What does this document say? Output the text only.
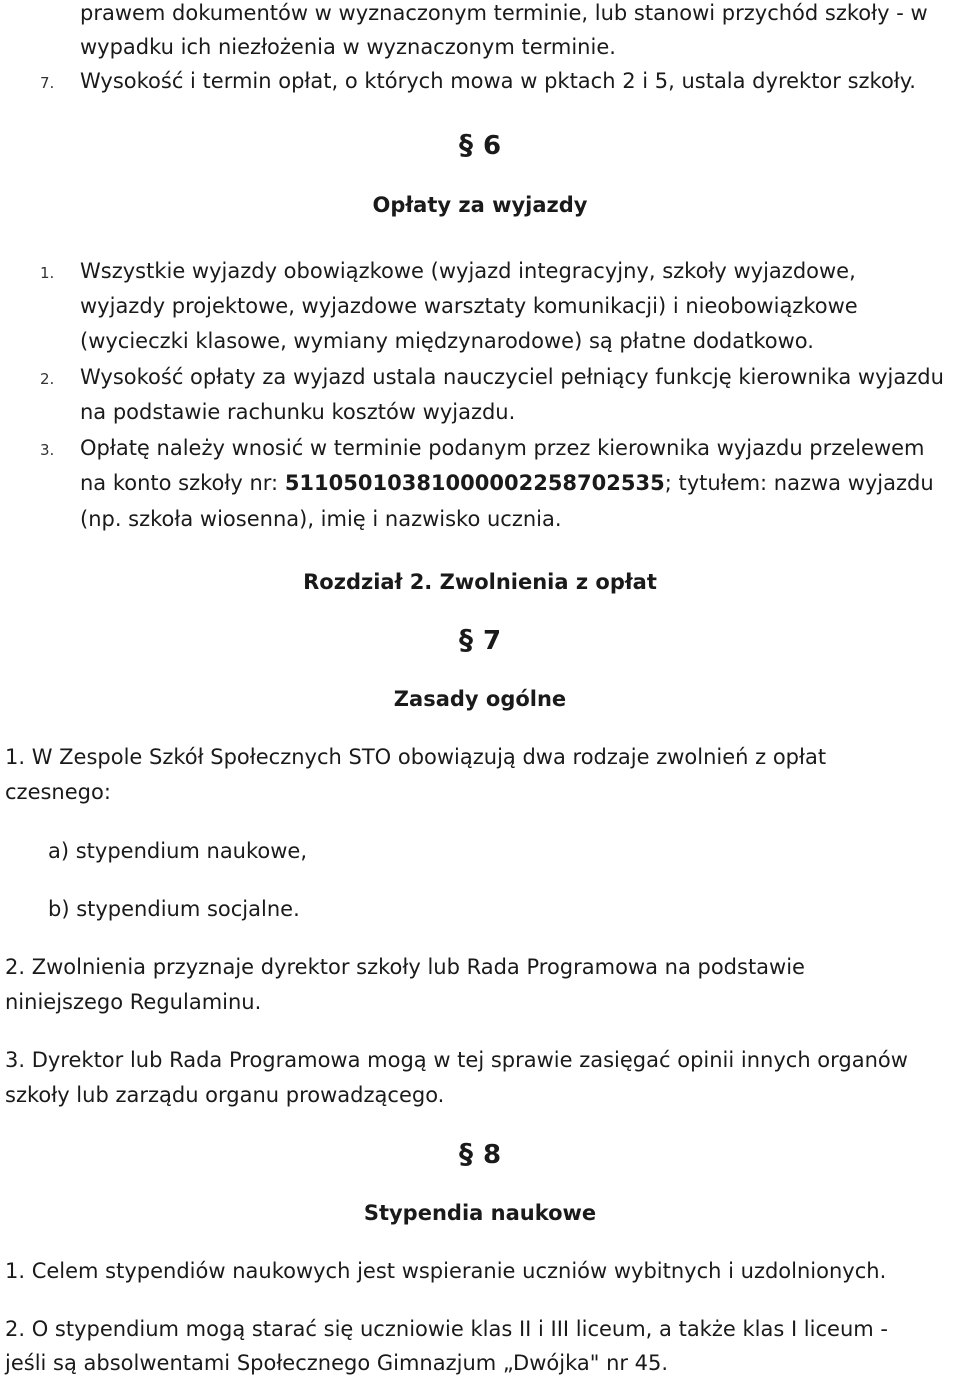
prawem dokumentów w wyznaczonym terminie, lub stanowi przychód szkoły - w
wypadku ich niezłożenia w wyznaczonym terminie.
7. Wysokość i termin opłat, o których mowa w pktach 2 i 5, ustala dyrektor szkoły.
§ 6
Opłaty za wyjazdy
1. Wszystkie wyjazdy obowiązkowe (wyjazd integracyjny, szkoły wyjazdowe,
wyjazdy projektowe, wyjazdowe warsztaty komunikacji) i nieobowiązkowe
(wycieczki klasowe, wymiany międzynarodowe) są płatne dodatkowo.
2. Wysokość opłaty za wyjazd ustala nauczyciel pełniący funkcję kierownika wyjazdu
na podstawie rachunku kosztów wyjazdu.
3. Opłatę należy wnosić w terminie podanym przez kierownika wyjazdu przelewem
na konto szkoły nr: 51105010381000002258702535; tytułem: nazwa wyjazdu
(np. szkoła wiosenna), imię i nazwisko ucznia.
Rozdział 2. Zwolnienia z opłat
§ 7
Zasady ogólne
1. W Zespole Szkół Społecznych STO obowiązują dwa rodzaje zwolnień z opłat
czesnego:
a) stypendium naukowe,
b) stypendium socjalne.
2. Zwolnienia przyznaje dyrektor szkoły lub Rada Programowa na podstawie
niniejszego Regulaminu.
3. Dyrektor lub Rada Programowa mogą w tej sprawie zasięgać opinii innych organów
szkoły lub zarządu organu prowadzącego.
§ 8
Stypendia naukowe
1. Celem stypendiów naukowych jest wspieranie uczniów wybitnych i uzdolnionych.
2. O stypendium mogą starać się uczniowie klas II i III liceum, a także klas I liceum -
jeśli są absolwentami Społecznego Gimnazjum „Dwójka" nr 45.
